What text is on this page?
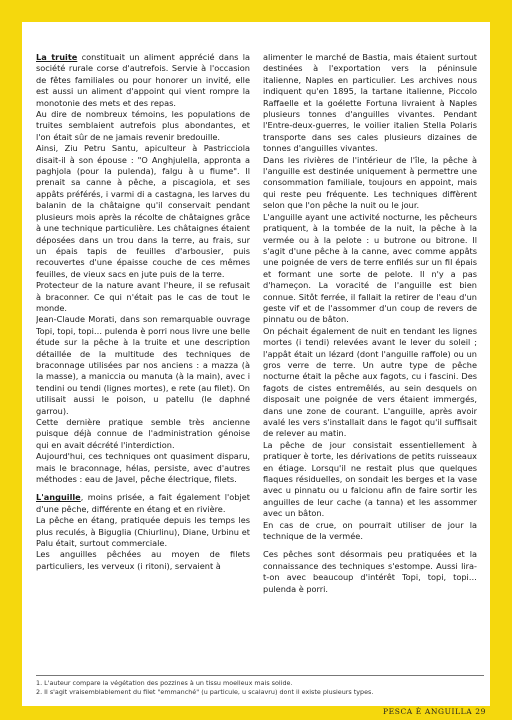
La truite constituait un aliment apprécié dans la société rurale corse d'autrefois. Servie à l'occasion de fêtes familiales ou pour honorer un invité, elle est aussi un aliment d'appoint qui vient rompre la monotonie des mets et des repas.

Au dire de nombreux témoins, les populations de truites semblaient autrefois plus abondantes, et l'on était sûr de ne jamais revenir bredouille.

Ainsi, Ziu Petru Santu, apiculteur à Pastricciola disait-il à son épouse : "O Anghjulella, appronta a paghjola (pour la pulenda), falgu à u fiume". Il prenait sa canne à pêche, a piscagiola, et ses appâts préférés, i varmi di a castagna, les larves du balanin de la châtaigne qu'il conservait pendant plusieurs mois après la récolte de châtaignes grâce à une technique particulière. Les châtaignes étaient déposées dans un trou dans la terre, au frais, sur un épais tapis de feuilles d'arbousier, puis recouvertes d'une épaisse couche de ces mêmes feuilles, de vieux sacs en jute puis de la terre.

Protecteur de la nature avant l'heure, il se refusait à braconner. Ce qui n'était pas le cas de tout le monde.

Jean-Claude Morati, dans son remarquable ouvrage Topi, topi, topi… pulenda è porri nous livre une belle étude sur la pêche à la truite et une description détaillée de la multitude des techniques de braconnage utilisées par nos anciens : a mazza (à la masse), a maniccia ou manuta (à la main), avec i tendini ou tendi (lignes mortes), e rete (au filet). On utilisait aussi le poison, u patellu (le daphné garrou).

Cette dernière pratique semble très ancienne puisque déjà connue de l'administration génoise qui en avait décrété l'interdiction.

Aujourd'hui, ces techniques ont quasiment disparu, mais le braconnage, hélas, persiste, avec d'autres méthodes : eau de Javel, pêche électrique, filets.

L'anguille, moins prisée, a fait également l'objet d'une pêche, différente en étang et en rivière.

La pêche en étang, pratiquée depuis les temps les plus reculés, à Biguglia (Chiurlinu), Diane, Urbinu et Palu était, surtout commerciale.

Les anguilles pêchées au moyen de filets particuliers, les verveux (i ritoni), servaient à

alimenter le marché de Bastia, mais étaient surtout destinées à l'exportation vers la péninsule italienne, Naples en particulier. Les archives nous indiquent qu'en 1895, la tartane italienne, Piccolo Raffaelle et la goélette Fortuna livraient à Naples plusieurs tonnes d'anguilles vivantes. Pendant l'Entre-deux-guerres, le voilier italien Stella Polaris transporte dans ses cales plusieurs dizaines de tonnes d'anguilles vivantes.

Dans les rivières de l'intérieur de l'île, la pêche à l'anguille est destinée uniquement à permettre une consommation familiale, toujours en appoint, mais qui reste peu fréquente. Les techniques diffèrent selon que l'on pêche la nuit ou le jour.

L'anguille ayant une activité nocturne, les pêcheurs pratiquent, à la tombée de la nuit, la pêche à la vermée ou à la pelote : u butrone ou bitrone. Il s'agit d'une pêche à la canne, avec comme appâts une poignée de vers de terre enfilés sur un fil épais et formant une sorte de pelote. Il n'y a pas d'hameçon. La voracité de l'anguille est bien connue. Sitôt ferrée, il fallait la retirer de l'eau d'un geste vif et de l'assommer d'un coup de revers de pinnatu ou de bâton.

On péchait également de nuit en tendant les lignes mortes (i tendi) relevées avant le lever du soleil ; l'appât était un lézard (dont l'anguille raffole) ou un gros verre de terre. Un autre type de pêche nocturne était la pêche aux fagots, cu i fascini. Des fagots de cistes entremêlés, au sein desquels on disposait une poignée de vers étaient immergés, dans une zone de courant. L'anguille, après avoir avalé les vers s'installait dans le fagot qu'il suffisait de relever au matin.

La pêche de jour consistait essentiellement à pratiquer è torte, les dérivations de petits ruisseaux en étiage. Lorsqu'il ne restait plus que quelques flaques résiduelles, on sondait les berges et la vase avec u pinnatu ou u falcionu afin de faire sortir les anguilles de leur cache (a tanna) et les assommer avec un bâton.

En cas de crue, on pourrait utiliser de jour la technique de la vermée.

Ces pêches sont désormais peu pratiquées et la connaissance des techniques s'estompe. Aussi lira-t-on avec beaucoup d'intérêt Topi, topi, topi… pulenda è porri.

1. L'auteur compare la végétation des pozzines à un tissu moelleux mais solide.
2. Il s'agit vraisemblablement du filet "emmanché" (u particule, u scalavru) dont il existe plusieurs types.
PESCA È ANGUILLA 29
